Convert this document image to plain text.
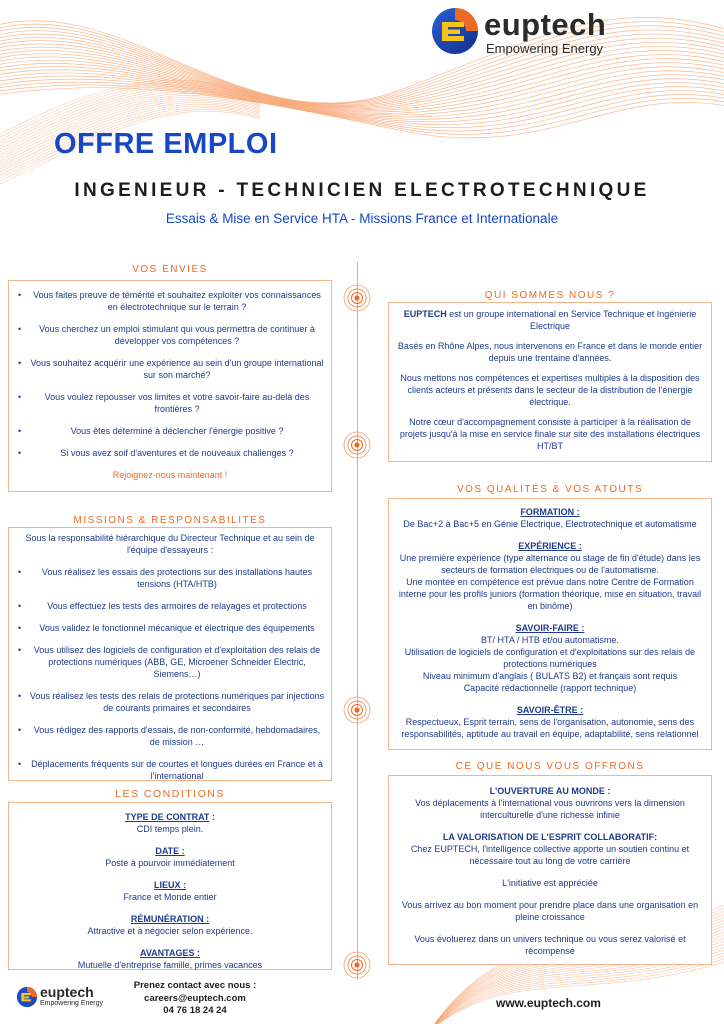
euptech
Empowering Energy
OFFRE EMPLOI
INGENIEUR - TECHNICIEN ELECTROTECHNIQUE
Essais & Mise en Service HTA - Missions France et Internationale
VOS ENVIES
• Vous faites preuve de témérité et souhaitez exploiter vos connaissances en électrotechnique sur le terrain ?
• Vous cherchez un emploi stimulant qui vous permettra de continuer à développer vos compétences ?
• Vous souhaitez acquérir une expérience au sein d'un groupe international sur son marché?
• Vous voulez repousser vos limites et votre savoir-faire au-delà des frontières ?
• Vous êtes déterminé à déclencher l'énergie positive ?
• Si vous avez soif d'aventures et de nouveaux challenges ?
Rejoignez-nous maintenant !
QUI SOMMES NOUS ?

EUPTECH est un groupe international en Service Technique et Ingénierie Electrique

Basés en Rhône Alpes, nous intervenons en France et dans le monde entier depuis une trentaine d'années.

Nous mettons nos compétences et expertises multiples à la disposition des clients acteurs et présents dans le secteur de la distribution de l'énergie électrique.

Notre cœur d'accompagnement consiste à participer à la réalisation de projets jusqu'à la mise en service finale sur site des installations électriques HT/BT

VOS QUALITÉS & VOS ATOUTS
FORMATION :

De Bac+2 à Bac+5 en Génie Electrique, Electrotechnique et automatisme

EXPÉRIENCE :

Une première expérience (type alternance ou stage de fin d'étude) dans les secteurs de formation électriques ou de l'automatisme.

Une montée en compétence est prévue dans notre Centre de Formation interne pour les profils juniors (formation théorique, mise en situation, travail en binôme)

SAVOIR-FAIRE :

BT/ HTA / HTB et/ou automatisme.

Utilisation de logiciels de configuration et d'exploitations sur des relais de protections numériques

Niveau minimum d'anglais ( BULATS B2) et français sont requis

Capacité rédactionnelle (rapport technique)

SAVOIR-ÊTRE :

Respectueux, Esprit terrain, sens de l'organisation, autonomie, sens des responsabilités, aptitude au travail en équipe, adaptabilité, sens relationnel

MISSIONS & RESPONSABILITES

Sous la responsabilité hiérarchique du Directeur Technique et au sein de l'équipe d'essayeurs :

• Vous réalisez les essais des protections sur des installations hautes tensions (HTA/HTB)
• Vous effectuez les tests des armoires de relayages et protections
• Vous validez le fonctionnel mécanique et électrique des équipements
• Vous utilisez des logiciels de configuration et d'exploitation des relais de protections numériques (ABB, GE, Microener Schneider Electric, Siemens…)
• Vous réalisez les tests des relais de protections numériques par injections de courants primaires et secondaires
• Vous rédigez des rapports d'essais, de non-conformité, hebdomadaires, de mission …
• Déplacements fréquents sur de courtes et longues durées en France et à l'international
CE QUE NOUS VOUS OFFRONS
L'OUVERTURE AU MONDE :

Vos déplacements à l'international vous ouvrirons vers la dimension interculturelle d'une richesse infinie

LA VALORISATION DE L'ESPRIT COLLABORATIF:

Chez EUPTECH, l'intelligence collective apporte un soutien continu et nécessaire tout au long de votre carrière

L'initiative est appréciée

Vous arrivez au bon moment pour prendre place dans une organisation en pleine croissance

Vous évoluerez dans un univers technique ou vous serez valorisé et récompensé

LES CONDITIONS
TYPE DE CONTRAT :

CDI temps plein.

DATE :

Poste à pourvoir immédiatement

LIEUX :

France et Monde entier

RÉMUNÉRATION :

Attractive et à négocier selon expérience.

AVANTAGES :

Mutuelle d'entreprise famille, primes vacances

euptech
Empowering Energy
Prenez contact avec nous :
careers@euptech.com
04 76 18 24 24
www.euptech.com
